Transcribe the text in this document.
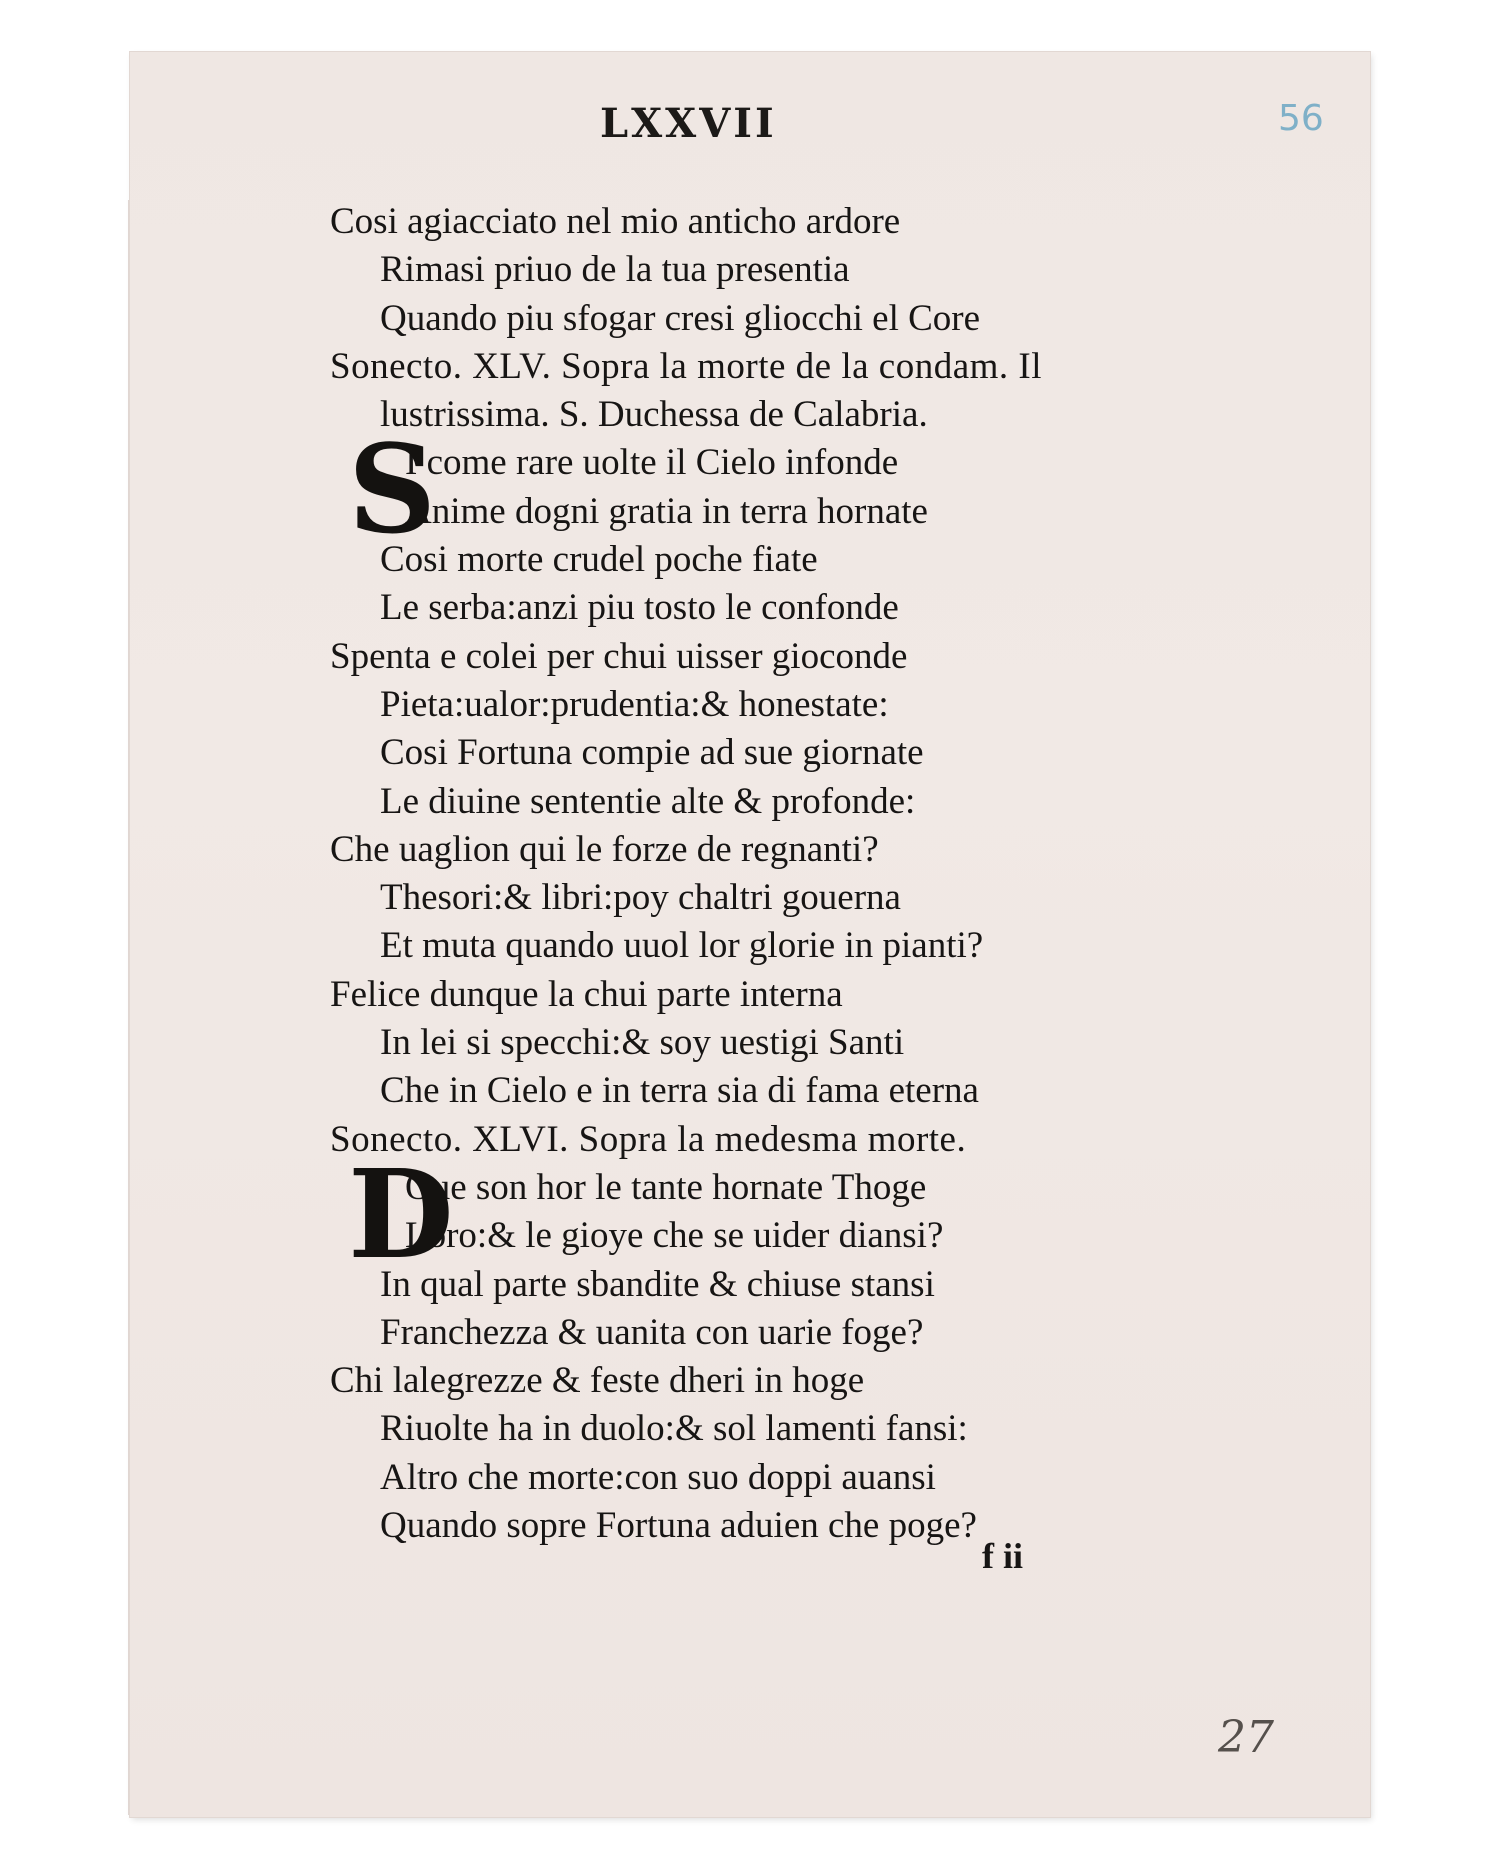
LXXVII	56
Cosi agiacciato nel mio anticho ardore
Rimasi priuo de la tua presentia
Quando piu sfogar cresi gliocchi el Core
Sonecto. XLV. Sopra la morte de la condam. Il
lustrissima. S. Duchessa de Calabria.
S
I come rare uolte il Cielo infonde
Anime dogni gratia in terra hornate
Cosi morte crudel poche fiate
Le serba:anzi piu tosto le confonde
Spenta e colei per chui uisser gioconde
Pieta:ualor:prudentia:& honestate:
Cosi Fortuna compie ad sue giornate
Le diuine sententie alte & profonde:
Che uaglion qui le forze de regnanti?
Thesori:& libri:poy chaltri gouerna
Et muta quando uuol lor glorie in pianti?
Felice dunque la chui parte interna
In lei si specchi:& soy uestigi Santi
Che in Cielo e in terra sia di fama eterna
Sonecto. XLVI. Sopra la medesma morte.
D
Oue son hor le tante hornate Thoge
Loro:& le gioye che se uider diansi?
In qual parte sbandite & chiuse stansi
Franchezza & uanita con uarie foge?
Chi lalegrezze & feste dheri in hoge
Riuolte ha in duolo:& sol lamenti fansi:
Altro che morte:con suo doppi auansi
Quando sopre Fortuna aduien che poge?
f ii
27
